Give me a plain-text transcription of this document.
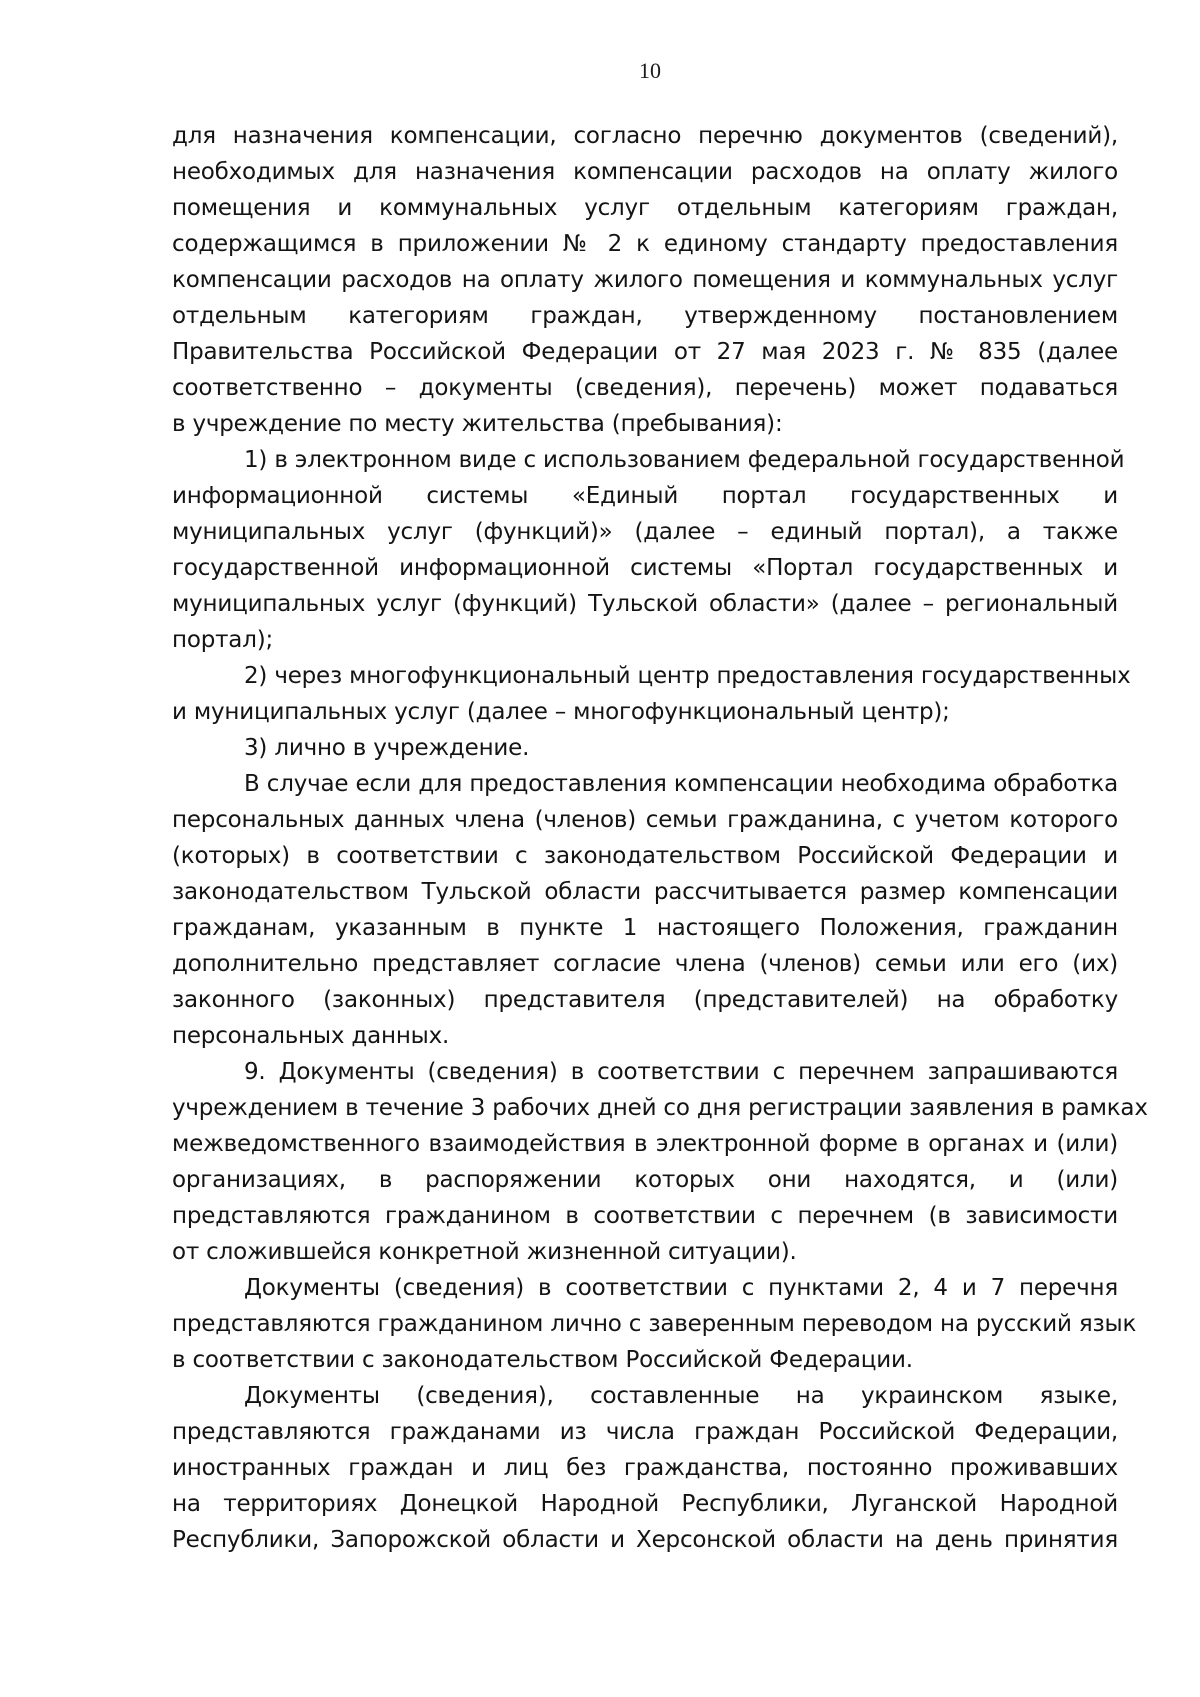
10
для назначения компенсации, согласно перечню документов (сведений),
необходимых для назначения компенсации расходов на оплату жилого
помещения и коммунальных услуг отдельным категориям граждан,
содержащимся в приложении № 2 к единому стандарту предоставления
компенсации расходов на оплату жилого помещения и коммунальных услуг
отдельным категориям граждан, утвержденному постановлением
Правительства Российской Федерации от 27 мая 2023 г. № 835 (далее
соответственно – документы (сведения), перечень) может подаваться
в учреждение по месту жительства (пребывания):
1) в электронном виде с использованием федеральной государственной
информационной системы «Единый портал государственных и
муниципальных услуг (функций)» (далее – единый портал), а также
государственной информационной системы «Портал государственных и
муниципальных услуг (функций) Тульской области» (далее – региональный
портал);
2) через многофункциональный центр предоставления государственных
и муниципальных услуг (далее – многофункциональный центр);
3) лично в учреждение.
В случае если для предоставления компенсации необходима обработка
персональных данных члена (членов) семьи гражданина, с учетом которого
(которых) в соответствии с законодательством Российской Федерации и
законодательством Тульской области рассчитывается размер компенсации
гражданам, указанным в пункте 1 настоящего Положения, гражданин
дополнительно представляет согласие члена (членов) семьи или его (их)
законного (законных) представителя (представителей) на обработку
персональных данных.
9. Документы (сведения) в соответствии с перечнем запрашиваются
учреждением в течение 3 рабочих дней со дня регистрации заявления в рамках
межведомственного взаимодействия в электронной форме в органах и (или)
организациях, в распоряжении которых они находятся, и (или)
представляются гражданином в соответствии с перечнем (в зависимости
от сложившейся конкретной жизненной ситуации).
Документы (сведения) в соответствии с пунктами 2, 4 и 7 перечня
представляются гражданином лично с заверенным переводом на русский язык
в соответствии с законодательством Российской Федерации.
Документы (сведения), составленные на украинском языке,
представляются гражданами из числа граждан Российской Федерации,
иностранных граждан и лиц без гражданства, постоянно проживавших
на территориях Донецкой Народной Республики, Луганской Народной
Республики, Запорожской области и Херсонской области на день принятия
